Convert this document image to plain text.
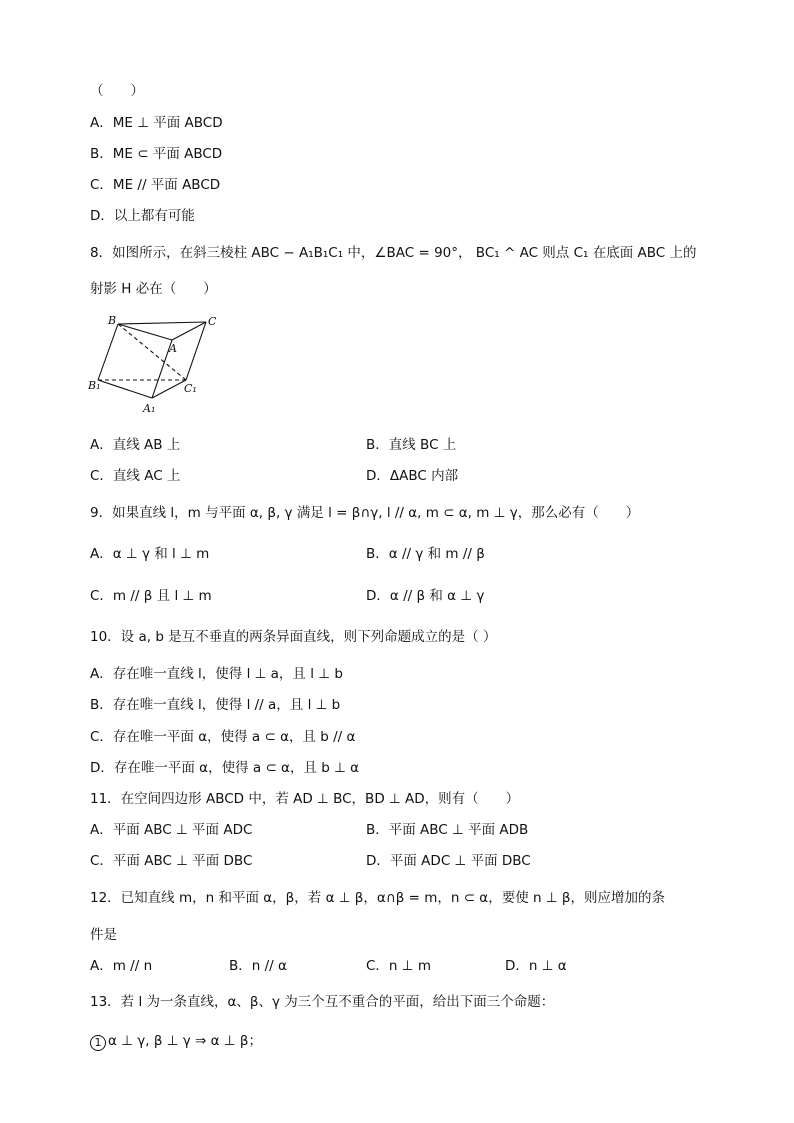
（　　）
A．ME ⊥ 平面 ABCD
B．ME ⊂ 平面 ABCD
C．ME // 平面 ABCD
D．以上都有可能
8．如图所示，在斜三棱柱 ABC − A₁B₁C₁ 中，∠BAC = 90°， BC₁ ^ AC 则点 C₁ 在底面 ABC 上的
射影 H 必在（　　）
B	C
A
B₁	C₁
A₁
A．直线 AB 上	B．直线 BC 上
C．直线 AC 上	D．ΔABC 内部
9．如果直线 l，m 与平面 α, β, γ 满足 l = β∩γ, l // α, m ⊂ α, m ⊥ γ，那么必有（　　）
A．α ⊥ γ 和 l ⊥ m	B．α // γ 和 m // β
C．m // β 且 l ⊥ m	D．α // β 和 α ⊥ γ
10．设 a, b 是互不垂直的两条异面直线，则下列命题成立的是（ ）
A．存在唯一直线 l，使得 l ⊥ a，且 l ⊥ b
B．存在唯一直线 l，使得 l // a，且 l ⊥ b
C．存在唯一平面 α，使得 a ⊂ α，且 b // α
D．存在唯一平面 α，使得 a ⊂ α，且 b ⊥ α
11．在空间四边形 ABCD 中，若 AD ⊥ BC，BD ⊥ AD，则有（　　）
A．平面 ABC ⊥ 平面 ADC	B．平面 ABC ⊥ 平面 ADB
C．平面 ABC ⊥ 平面 DBC	D．平面 ADC ⊥ 平面 DBC
12．已知直线 m，n 和平面 α，β，若 α ⊥ β，α∩β = m，n ⊂ α，要使 n ⊥ β，则应增加的条
件是
A．m // n	B．n // α	C．n ⊥ m	D．n ⊥ α
13．若 l 为一条直线，α、β、γ 为三个互不重合的平面，给出下面三个命题：
1 α ⊥ γ, β ⊥ γ ⇒ α ⊥ β；
